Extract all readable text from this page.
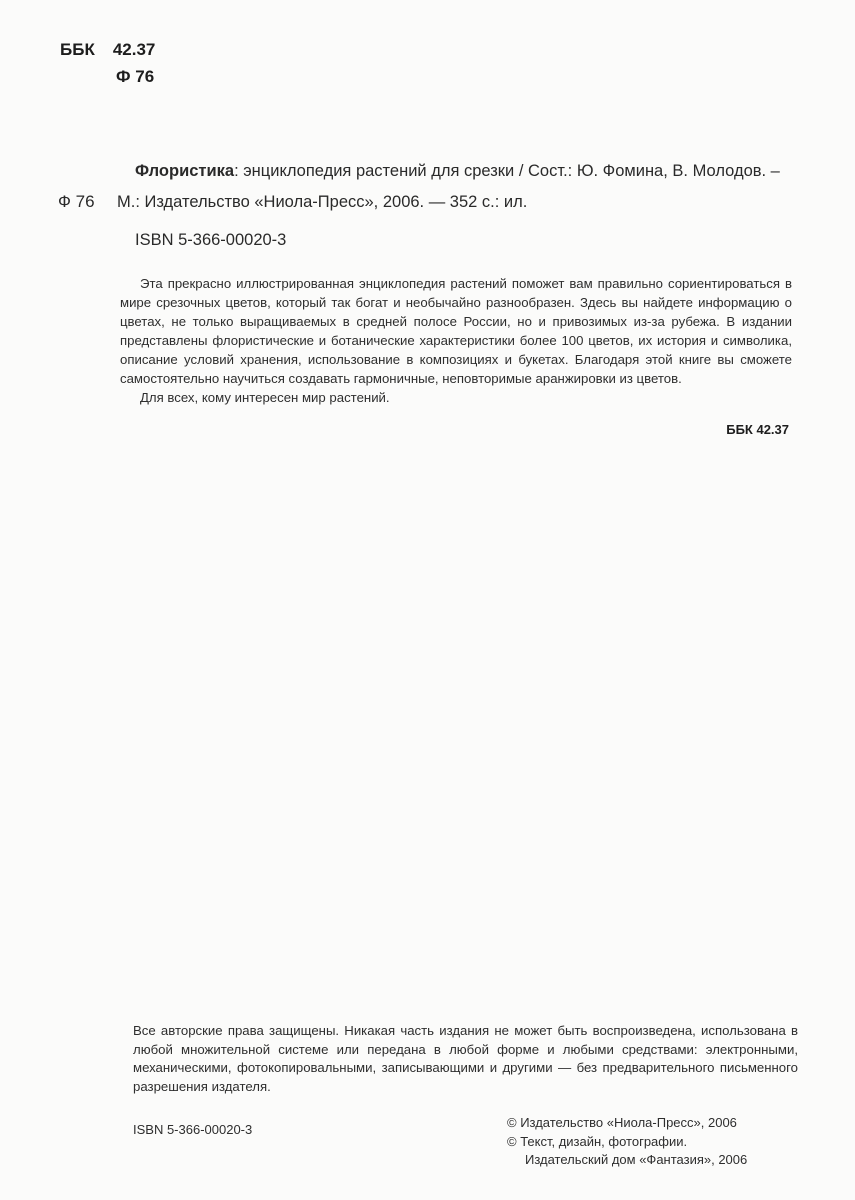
ББК 42.37
Ф 76
Флористика: энциклопедия растений для срезки / Сост.: Ю. Фомина, В. Молодов. –
Ф 76 М.: Издательство «Ниола-Пресс», 2006. — 352 с.: ил.
ISBN 5-366-00020-3

Эта прекрасно иллюстрированная энциклопедия растений поможет вам правильно сориентироваться в мире срезочных цветов, который так богат и необычайно разнообразен. Здесь вы найдете информацию о цветах, не только выращиваемых в средней полосе России, но и привозимых из-за рубежа. В издании представлены флористические и ботанические характеристики более 100 цветов, их история и символика, описание условий хранения, использование в композициях и букетах. Благодаря этой книге вы сможете самостоятельно научиться создавать гармоничные, неповторимые аранжировки из цветов.

Для всех, кому интересен мир растений.

ББК 42.37
Все авторские права защищены. Никакая часть издания не может быть воспроизведена, использована в любой множительной системе или передана в любой форме и любыми средствами: электронными, механическими, фотокопировальными, записывающими и другими — без предварительного письменного разрешения издателя.
ISBN 5-366-00020-3	© Издательство «Ниола-Пресс», 2006
© Текст, дизайн, фотографии.
Издательский дом «Фантазия», 2006
